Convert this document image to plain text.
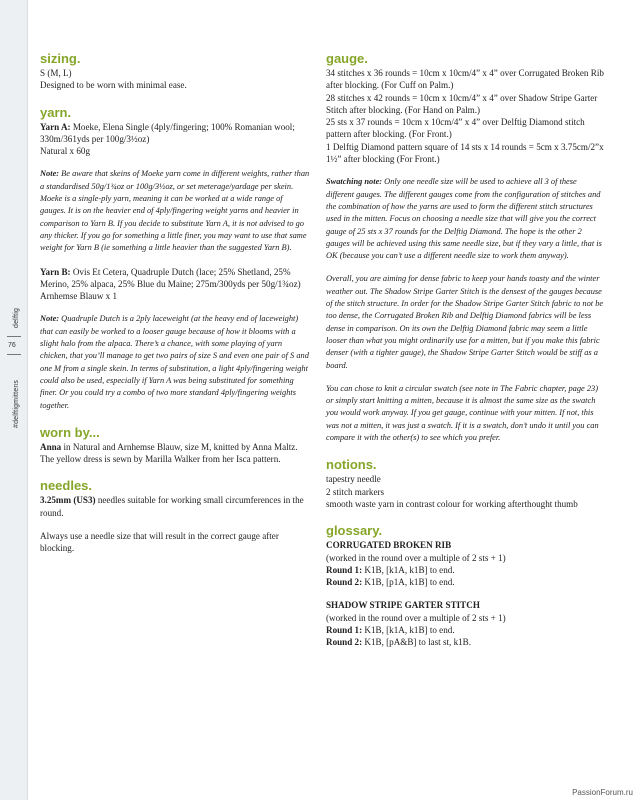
delftig
76
#delftigmittens
sizing.

S (M, L)

Designed to be worn with minimal ease.

yarn.

Yarn A: Moeke, Elena Single (4ply/fingering; 100% Romanian wool; 330m/361yds per 100g/3½oz)

Natural x 60g

Note: Be aware that skeins of Moeke yarn come in different weights, rather than a standardised 50g/1¾oz or 100g/3½oz, or set meterage/yardage per skein. Moeke is a single-ply yarn, meaning it can be worked at a wide range of gauges. It is on the heavier end of 4ply/fingering weight yarns and heavier in comparison to Yarn B. If you decide to substitute Yarn A, it is not advised to go any thicker. If you go for something a little finer, you may want to use that same weight for Yarn B (ie something a little heavier than the suggested Yarn B).

Yarn B: Ovis Et Cetera, Quadruple Dutch (lace; 25% Shetland, 25% Merino, 25% alpaca, 25% Blue du Maine; 275m/300yds per 50g/1¾oz)

Arnhemse Blauw x 1

Note: Quadruple Dutch is a 2ply laceweight (at the heavy end of laceweight) that can easily be worked to a looser gauge because of how it blooms with a slight halo from the alpaca. There’s a chance, with some playing of yarn chicken, that you’ll manage to get two pairs of size S and even one pair of S and one M from a single skein. In terms of substitution, a light 4ply/fingering weight could also be used, especially if Yarn A was being substituted for something finer. Or you could try a combo of two more standard 4ply/fingering weights together.

worn by...

Anna in Natural and Arnhemse Blauw, size M, knitted by Anna Maltz. The yellow dress is sewn by Marilla Walker from her Isca pattern.

needles.

3.25mm (US3) needles suitable for working small circumferences in the round.

Always use a needle size that will result in the correct gauge after blocking.

gauge.

34 stitches x 36 rounds = 10cm x 10cm/4” x 4” over Corrugated Broken Rib after blocking. (For Cuff on Palm.)

28 stitches x 42 rounds = 10cm x 10cm/4” x 4” over Shadow Stripe Garter Stitch after blocking. (For Hand on Palm.)

25 sts x 37 rounds = 10cm x 10cm/4” x 4” over Delftig Diamond stitch pattern after blocking. (For Front.)

1 Delftig Diamond pattern square of 14 sts x 14 rounds = 5cm x 3.75cm/2”x 1½” after blocking (For Front.)

Swatching note: Only one needle size will be used to achieve all 3 of these different gauges. The different gauges come from the configuration of stitches and the combination of how the yarns are used to form the different stitch structures used in the mitten. Focus on choosing a needle size that will give you the correct gauge of 25 sts x 37 rounds for the Delftig Diamond. The hope is the other 2 gauges will be achieved using this same needle size, but if they vary a little, that is OK (because you can’t use a different needle size to work them anyway).

Overall, you are aiming for dense fabric to keep your hands toasty and the winter weather out. The Shadow Stripe Garter Stitch is the densest of the gauges because of the stitch structure. In order for the Shadow Stripe Garter Stitch fabric to not be too dense, the Corrugated Broken Rib and Delftig Diamond fabrics will be less dense in comparison. On its own the Delftig Diamond fabric may seem a little looser than what you might ordinarily use for a mitten, but if you make this fabric denser (with a tighter gauge), the Shadow Stripe Garter Stitch would be stiff as a board.

You can chose to knit a circular swatch (see note in The Fabric chapter, page 23) or simply start knitting a mitten, because it is almost the same size as the swatch you would work anyway. If you get gauge, continue with your mitten. If not, this was not a mitten, it was just a swatch. If it is a swatch, don’t undo it until you can compare it with the other(s) to see which you prefer.

notions.

tapestry needle

2 stitch markers

smooth waste yarn in contrast colour for working afterthought thumb

glossary.

CORRUGATED BROKEN RIB

(worked in the round over a multiple of 2 sts + 1)

Round 1: K1B, [k1A, k1B] to end.

Round 2: K1B, [p1A, k1B] to end.

SHADOW STRIPE GARTER STITCH

(worked in the round over a multiple of 2 sts + 1)

Round 1: K1B, [k1A, k1B] to end.

Round 2: K1B, [pA&B] to last st, k1B.

PassionForum.ru
